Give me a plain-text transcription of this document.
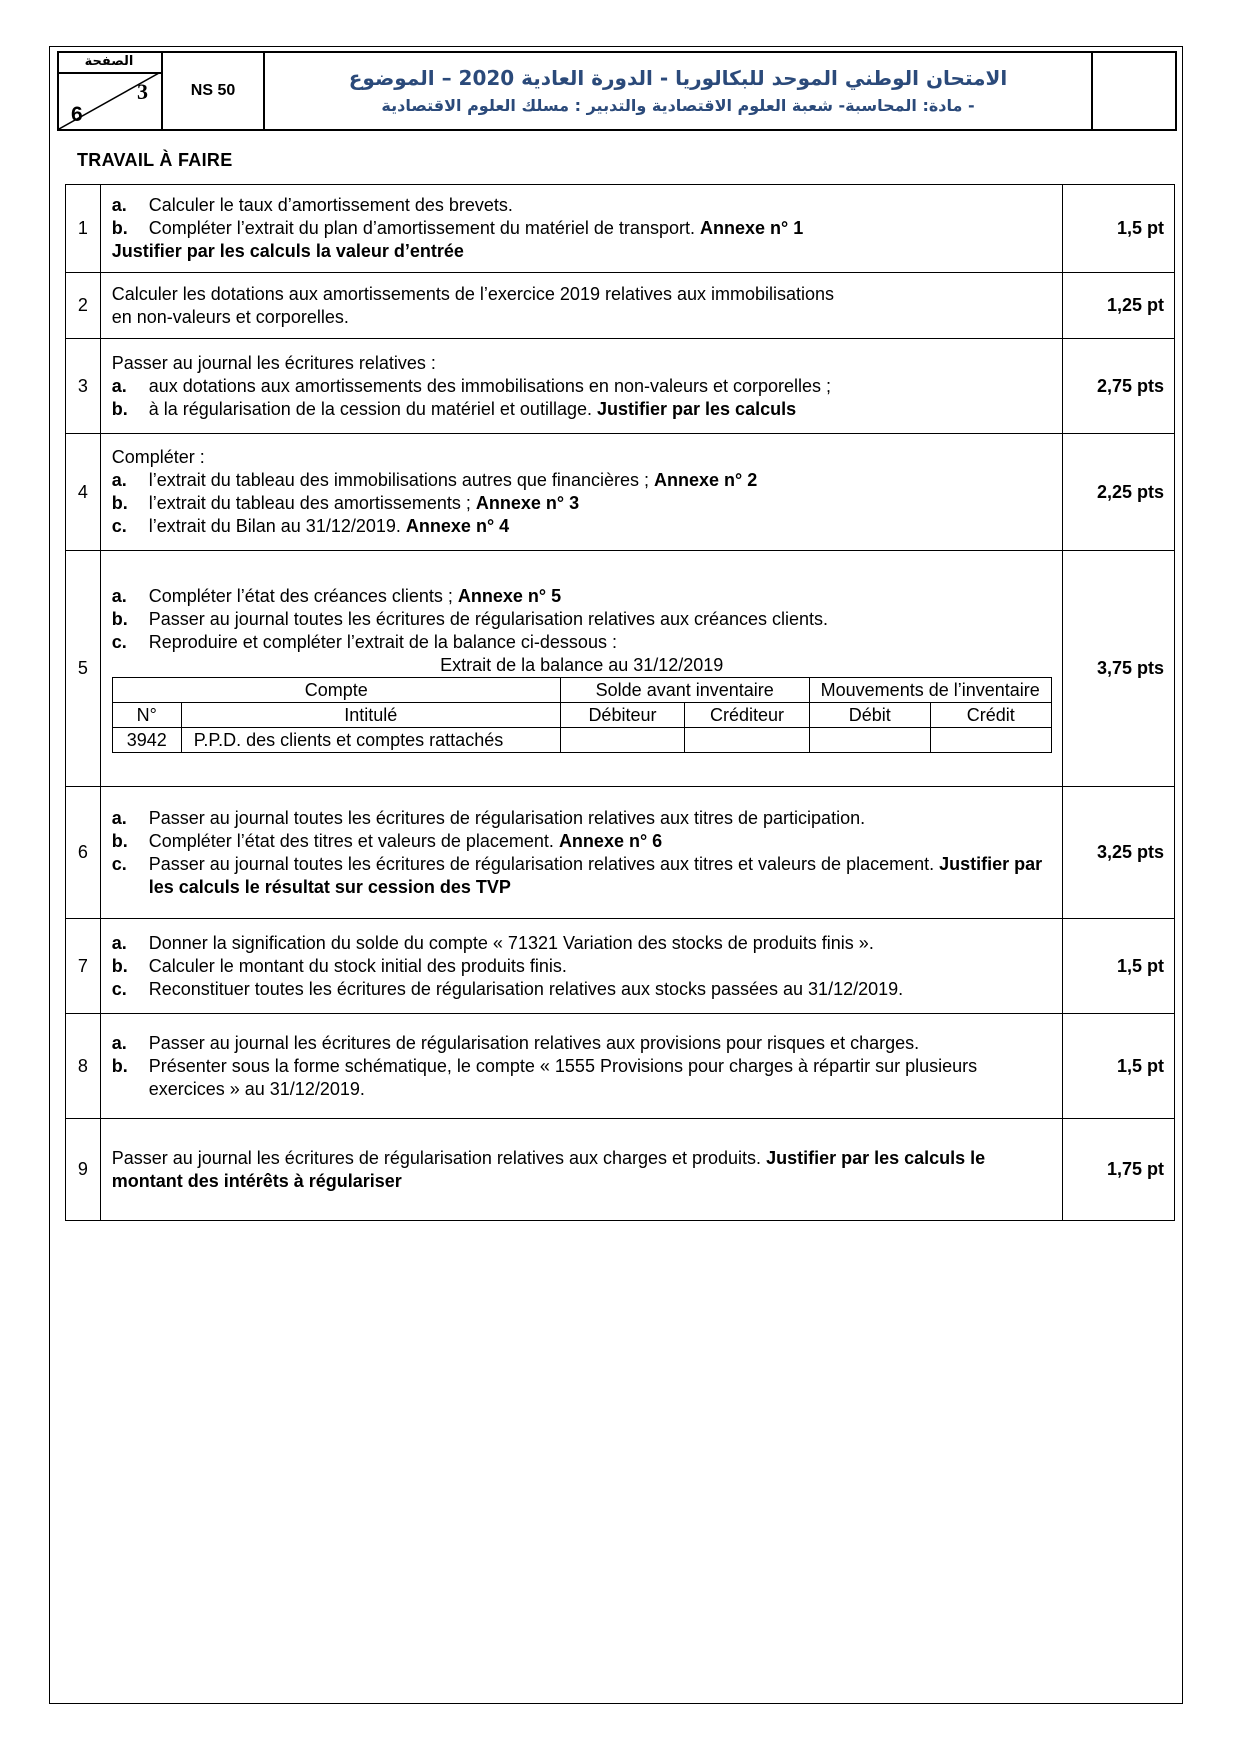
الصفحة
3
6
NS 50
الامتحان الوطني الموحد للبكالوريا - الدورة العادية 2020 – الموضوع
- مادة: المحاسبة- شعبة العلوم الاقتصادية والتدبير : مسلك العلوم الاقتصادية
TRAVAIL À FAIRE
1	
a.	Calculer le taux d’amortissement des brevets.
b.	Compléter l’extrait du plan d’amortissement du matériel de transport. Annexe n° 1
Justifier par les calculs la valeur d’entrée
	1,5 pt
2	
Calculer les dotations aux amortissements de l’exercice 2019 relatives aux immobilisations
en non-valeurs et corporelles.
	1,25 pt
3	
Passer au journal les écritures relatives :
a.	aux dotations aux amortissements des immobilisations en non-valeurs et corporelles ;
b.	à la régularisation de la cession du matériel et outillage. Justifier par les calculs
	2,75 pts
4	
Compléter :
a.	l’extrait du tableau des immobilisations autres que financières ; Annexe n° 2
b.	l’extrait du tableau des amortissements ; Annexe n° 3
c.	l’extrait du Bilan au 31/12/2019. Annexe n° 4
	2,25 pts
5	
a.	Compléter l’état des créances clients ; Annexe n° 5
b.	Passer au journal toutes les écritures de régularisation relatives aux créances clients.
c.	Reproduire et compléter l’extrait de la balance ci-dessous :
Extrait de la balance au 31/12/2019
Compte	Solde avant inventaire	Mouvements de l’inventaire
N°	Intitulé	Débiteur	Créditeur	Débit	Crédit
3942	P.P.D. des clients et comptes rattachés				
	3,75 pts
6	
a.	Passer au journal toutes les écritures de régularisation relatives aux titres de participation.
b.	Compléter l’état des titres et valeurs de placement. Annexe n° 6
c.	Passer au journal toutes les écritures de régularisation relatives aux titres et valeurs de placement. Justifier par les calculs le résultat sur cession des TVP
	3,25 pts
7	
a.	Donner la signification du solde du compte « 71321 Variation des stocks de produits finis ».
b.	Calculer le montant du stock initial des produits finis.
c.	Reconstituer toutes les écritures de régularisation relatives aux stocks passées au 31/12/2019.
	1,5 pt
8	
a.	Passer au journal les écritures de régularisation relatives aux provisions pour risques et charges.
b.	Présenter sous la forme schématique, le compte « 1555 Provisions pour charges à répartir sur plusieurs exercices » au 31/12/2019.
	1,5 pt
9	
Passer au journal les écritures de régularisation relatives aux charges et produits. Justifier par les calculs le montant des intérêts à régulariser
	1,75 pt
